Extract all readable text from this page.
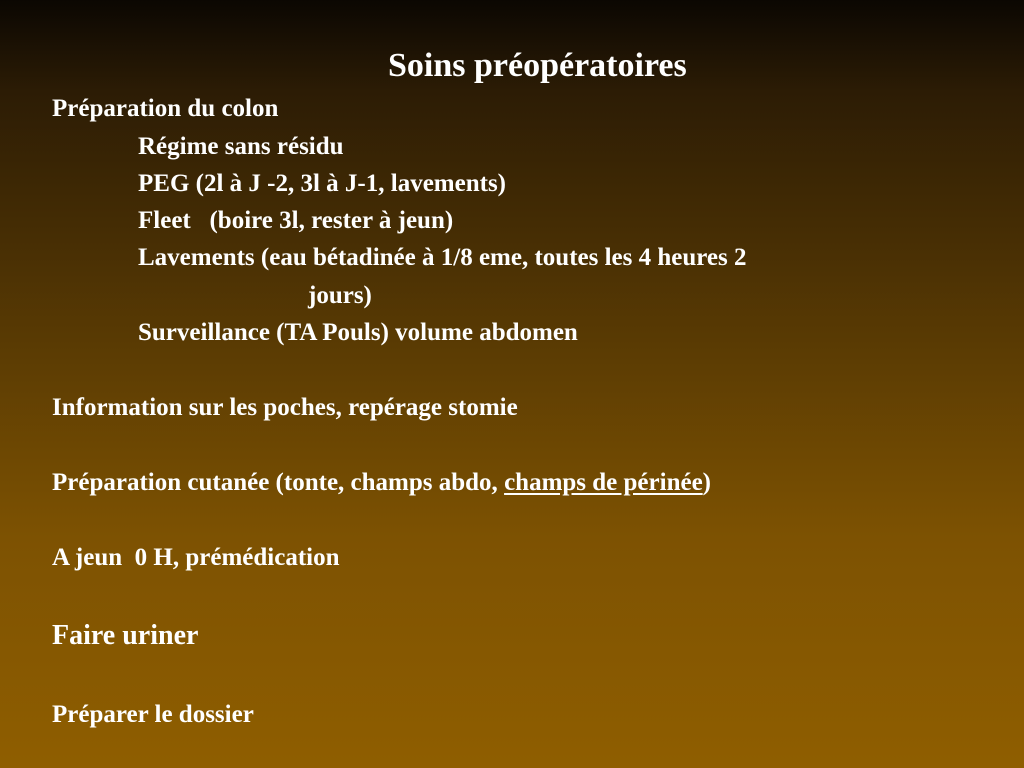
Soins préopératoires
Préparation du colon
Régime sans résidu
PEG (2l à J -2, 3l à J-1, lavements)
Fleet   (boire 3l, rester à jeun)
Lavements (eau bétadinée à 1/8 eme, toutes les 4 heures 2
jours)
Surveillance (TA Pouls) volume abdomen
Information sur les poches, repérage stomie
Préparation cutanée (tonte, champs abdo, champs de périnée)
A jeun  0 H, prémédication
Faire uriner
Préparer le dossier
